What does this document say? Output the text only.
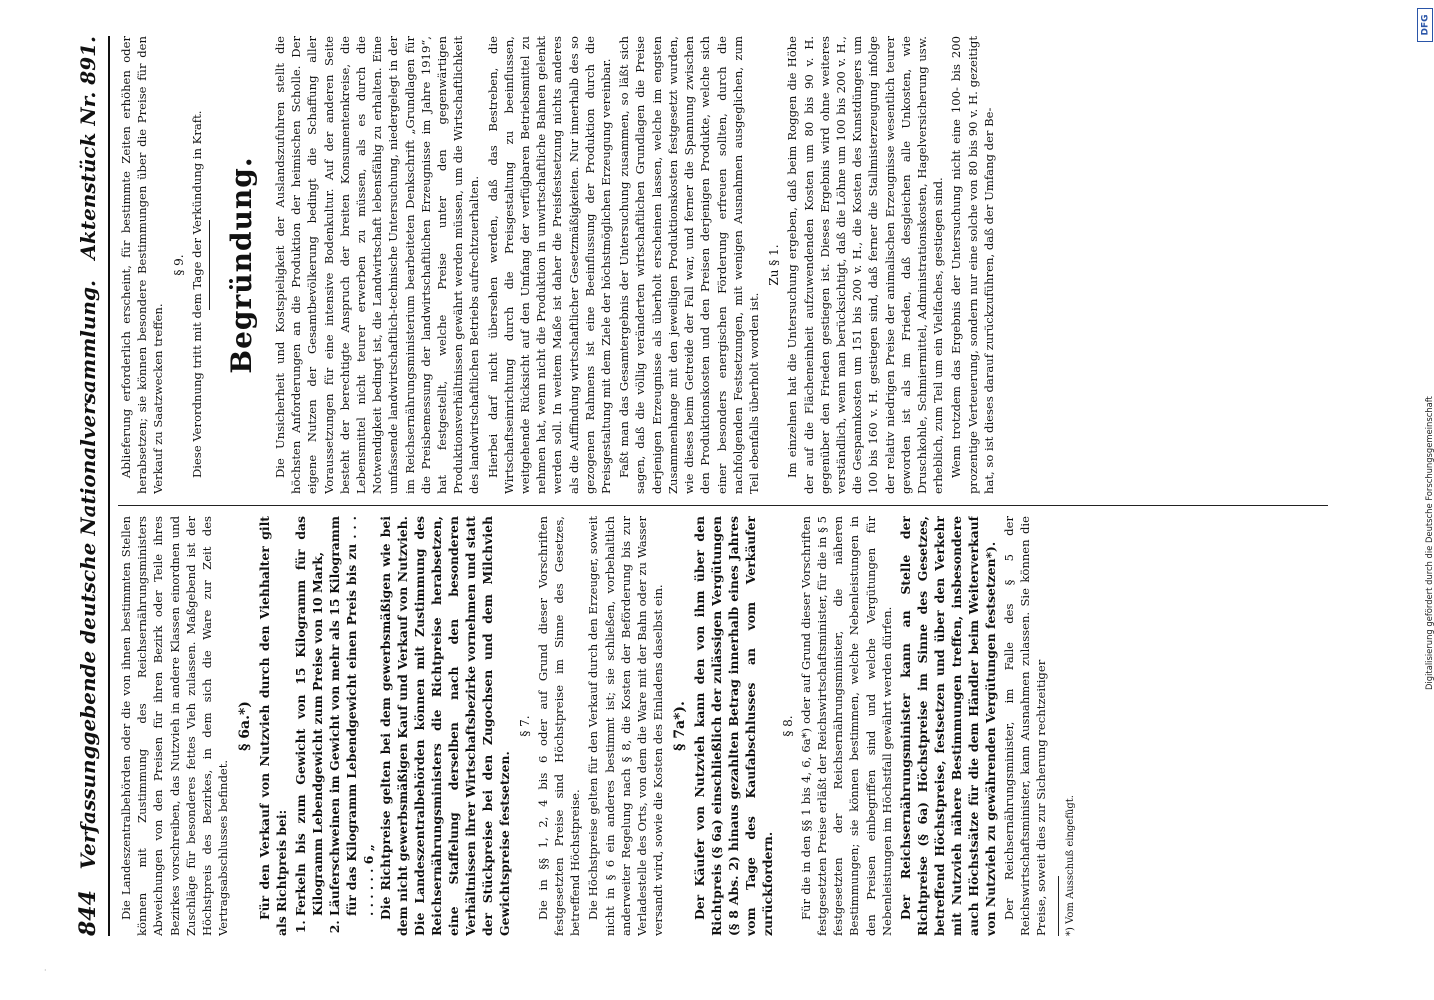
844
Verfassunggebende deutsche Nationalversammlung.
Aktenstück Nr. 891.

Die Landeszentralbehörden oder die von ihnen bestimmten Stellen können mit Zustimmung des Reichsernährungsministers Abweichungen von den Preisen für ihren Bezirk oder Teile ihres Bezirkes vorschreiben, das Nutzvieh in andere Klassen einordnen und Zuschläge für besonderes fettes Vieh zulassen. Maßgebend ist der Höchstpreis des Bezirkes, in dem sich die Ware zur Zeit des Vertragsabschlusses befindet.

§ 6a.*) Für den Verkauf von Nutzvieh durch den Viehhalter gilt als Richtpreis bei: 1. Ferkeln bis zum Gewicht von 15 Kilogramm für das Kilogramm Lebendgewicht zum Preise von 10 Mark, 2. Läuferschweinen im Gewicht von mehr als 15 Kilogramm für das Kilogramm Lebendgewicht einen Preis bis zu . . . . . . . . . 6 „ Die Richtpreise gelten bei dem gewerbsmäßigen wie bei dem nicht gewerbsmäßigen Kauf und Verkauf von Nutzvieh. Die Landeszentralbehörden können mit Zustimmung des Reichsernährungsministers die Richtpreise herabsetzen, eine Staffelung derselben nach den besonderen Verhältnissen ihrer Wirtschaftsbezirke vornehmen und statt der Stückpreise bei den Zugochsen und dem Milchvieh Gewichtspreise festsetzen.

§ 7. Die in §§ 1, 2, 4 bis 6 oder auf Grund dieser Vorschriften festgesetzten Preise sind Höchstpreise im Sinne des Gesetzes, betreffend Höchstpreise. Die Höchstpreise gelten für den Verkauf durch den Erzeuger, soweit nicht in § 6 ein anderes bestimmt ist; sie schließen, vorbehaltlich anderweiter Regelung nach § 8, die Kosten der Beförderung bis zur Verladestelle des Orts, von dem die Ware mit der Bahn oder zu Wasser versandt wird, sowie die Kosten des Einladens daselbst ein. § 7a*). Der Käufer von Nutzvieh kann den von ihm über den Richtpreis (§ 6a) einschließlich der zulässigen Vergütungen (§ 8 Abs. 2) hinaus gezahlten Betrag innerhalb eines Jahres vom Tage des Kaufabschlusses an vom Verkäufer zurückfordern.

§ 8. Für die in den §§ 1 bis 4, 6, 6a*) oder auf Grund dieser Vorschriften festgesetzten Preise erläßt der Reichswirtschaftsminister, für die in § 5 festgesetzten der Reichsernährungsminister, die näheren Bestimmungen; sie können bestimmen, welche Nebenleistungen in den Preisen einbegriffen sind und welche Vergütungen für Nebenleistungen im Höchstfall gewährt werden dürfen. Der Reichsernährungsminister kann an Stelle der Richtpreise (§ 6a) Höchstpreise im Sinne des Gesetzes, betreffend Höchstpreise, festsetzen und über den Verkehr mit Nutzvieh nähere Bestimmungen treffen, insbesondere auch Höchstsätze für die dem Händler beim Weiterverkauf von Nutzvieh zu gewährenden Vergütungen festsetzen*). Der Reichsernährungsminister, im Falle des § 5 der Reichswirtschaftsminister, kann Ausnahmen zulassen. Sie können die Preise, soweit dies zur Sicherung rechtzeitiger *) Vom Ausschuß eingefügt.

Ablieferung erforderlich erscheint, für bestimmte Zeiten erhöhen oder herabsetzen; sie können besondere Bestimmungen über die Preise für den Verkauf zu Saatzwecken treffen.

§ 9. Diese Verordnung tritt mit dem Tage der Verkündung in Kraft. Begründung. Die Unsicherheit und Kostspieligkeit der Auslandszufuhren stellt die höchsten Anforderungen an die Produktion der heimischen Scholle. Der eigene Nutzen der Gesamtbevölkerung bedingt die Schaffung aller Voraussetzungen für eine intensive Bodenkultur. Auf der anderen Seite besteht der berechtigte Anspruch der breiten Konsumentenkreise, die Lebensmittel nicht teurer erwerben zu müssen, als es durch die Notwendigkeit bedingt ist, die Landwirtschaft lebensfähig zu erhalten. Eine umfassende landwirtschaftlich-technische Untersuchung, niedergelegt in der im Reichsernährungsministerium bearbeiteten Denkschrift „Grundlagen für die Preisbemessung der landwirtschaftlichen Erzeugnisse im Jahre 1919“, hat festgestellt, welche Preise unter den gegenwärtigen Produktionsverhältnissen gewährt werden müssen, um die Wirtschaftlichkeit des landwirtschaftlichen Betriebs aufrechtzuerhalten. Hierbei darf nicht übersehen werden, daß das Bestreben, die Wirtschaftseinrichtung durch die Preisgestaltung zu beeinflussen, weitgehende Rücksicht auf den Umfang der verfügbaren Betriebsmittel zu nehmen hat, wenn nicht die Produktion in unwirtschaftliche Bahnen gelenkt werden soll. In weitem Maße ist daher die Preisfestsetzung nichts anderes als die Auffindung wirtschaftlicher Gesetzmäßigkeiten. Nur innerhalb des so gezogenen Rahmens ist eine Beeinflussung der Produktion durch die Preisgestaltung mit dem Ziele der höchstmöglichen Erzeugung vereinbar. Faßt man das Gesamtergebnis der Untersuchung zusammen, so läßt sich sagen, daß die völlig veränderten wirtschaftlichen Grundlagen die Preise derjenigen Erzeugnisse als überholt erscheinen lassen, welche im engsten Zusammenhange mit den jeweiligen Produktionskosten festgesetzt wurden, wie dieses beim Getreide der Fall war, und ferner die Spannung zwischen den Produktionskosten und den Preisen derjenigen Produkte, welche sich einer besonders energischen Förderung erfreuen sollten, durch die nachfolgenden Festsetzungen, mit wenigen Ausnahmen ausgeglichen, zum Teil ebenfalls überholt worden ist.

Zu § 1. Im einzelnen hat die Untersuchung ergeben, daß beim Roggen die Höhe der auf die Flächeneinheit aufzuwendenden Kosten um 80 bis 90 v. H. gegenüber den Frieden gestiegen ist. Dieses Ergebnis wird ohne weiteres verständlich, wenn man berücksichtigt, daß die Löhne um 100 bis 200 v. H., die Gespannkosten um 151 bis 200 v. H., die Kosten des Kunstdüngers um 100 bis 160 v. H. gestiegen sind, daß ferner die Stallmisterzeugung infolge der relativ niedrigen Preise der animalischen Erzeugnisse wesentlich teurer geworden ist als im Frieden, daß desgleichen alle Unkosten, wie Druschkohle, Schmiermittel, Administrationskosten, Hagelversicherung usw. erheblich, zum Teil um ein Vielfaches, gestiegen sind. Wenn trotzdem das Ergebnis der Untersuchung nicht eine 100- bis 200 prozentige Verteuerung, sondern nur eine solche von 80 bis 90 v. H. gezeitigt hat, so ist dieses darauf zurückzuführen, daß der Umfang der Be-

·
DFG
Digitalisierung gefördert durch die Deutsche Forschungsgemeinschaft
